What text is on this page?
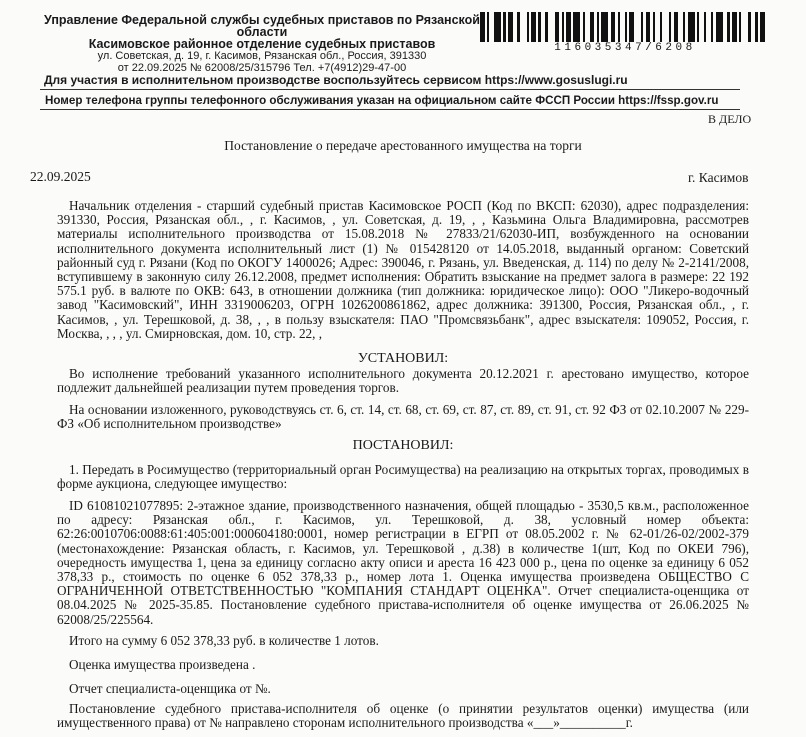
Управление Федеральной службы судебных приставов по Рязанской области
Касимовское районное отделение судебных приставов
ул. Советская, д. 19, г. Касимов, Рязанская обл., Россия, 391330
от 22.09.2025 № 62008/25/315796 Тел. +7(4912)29-47-00
116035347/6208
Для участия в исполнительном производстве воспользуйтесь сервисом https://www.gosuslugi.ru
Номер телефона группы телефонного обслуживания указан на официальном сайте ФССП России https://fssp.gov.ru
В ДЕЛО
Постановление о передаче арестованного имущества на торги
22.09.2025	г. Касимов
Начальник отделения - старший судебный пристав Касимовское РОСП (Код по ВКСП: 62030), адрес подразделения: 391330, Россия, Рязанская обл., , г. Касимов, , ул. Советская, д. 19, , , Казьмина Ольга Владимировна, рассмотрев материалы исполнительного производства от 15.08.2018 № 27833/21/62030-ИП, возбужденного на основании исполнительного документа исполнительный лист (1) № 015428120 от 14.05.2018, выданный органом: Советский районный суд г. Рязани (Код по ОКОГУ 1400026; Адрес: 390046, г. Рязань, ул. Введенская, д. 114) по делу № 2-2141/2008, вступившему в законную силу 26.12.2008, предмет исполнения: Обратить взыскание на предмет залога в размере: 22 192 575.1 руб. в валюте по ОКВ: 643, в отношении должника (тип должника: юридическое лицо): ООО "Ликеро-водочный завод "Касимовский", ИНН 3319006203, ОГРН 1026200861862, адрес должника: 391300, Россия, Рязанская обл., , г. Касимов, , ул. Терешковой, д. 38, , , в пользу взыскателя: ПАО "Промсвязьбанк", адрес взыскателя: 109052, Россия, г. Москва, , , , ул. Смирновская, дом. 10, стр. 22, ,
УСТАНОВИЛ:
Во исполнение требований указанного исполнительного документа 20.12.2021 г. арестовано имущество, которое подлежит дальнейшей реализации путем проведения торгов.
На основании изложенного, руководствуясь ст. 6, ст. 14, ст. 68, ст. 69, ст. 87, ст. 89, ст. 91, ст. 92 ФЗ от 02.10.2007 № 229-ФЗ «Об исполнительном производстве»
ПОСТАНОВИЛ:
1. Передать в Росимущество (территориальный орган Росимущества) на реализацию на открытых торгах, проводимых в форме аукциона, следующее имущество:
ID 61081021077895: 2-этажное здание, производственного назначения, общей площадью - 3530,5 кв.м., расположенное по адресу: Рязанская обл., г. Касимов, ул. Терешковой, д. 38, условный номер объекта: 62:26:0010706:0088:61:405:001:000604180:0001, номер регистрации в ЕГРП от 08.05.2002 г. № 62-01/26-02/2002-379 (местонахождение: Рязанская область, г. Касимов, ул. Терешковой , д.38) в количестве 1(шт, Код по ОКЕИ 796), очередность имущества 1, цена за единицу согласно акту описи и ареста 16 423 000 р., цена по оценке за единицу 6 052 378,33 р., стоимость по оценке 6 052 378,33 р., номер лота 1. Оценка имущества произведена ОБЩЕСТВО С ОГРАНИЧЕННОЙ ОТВЕТСТВЕННОСТЬЮ "КОМПАНИЯ СТАНДАРТ ОЦЕНКА". Отчет специалиста-оценщика от 08.04.2025 № 2025-35.85. Постановление судебного пристава-исполнителя об оценке имущества от 26.06.2025 № 62008/25/225564.
Итого на сумму 6 052 378,33 руб. в количестве 1 лотов.
Оценка имущества произведена .
Отчет специалиста-оценщика от №.
Постановление судебного пристава-исполнителя об оценке (о принятии результатов оценки) имущества (или имущественного права) от № направлено сторонам исполнительного производства «___»__________г.
